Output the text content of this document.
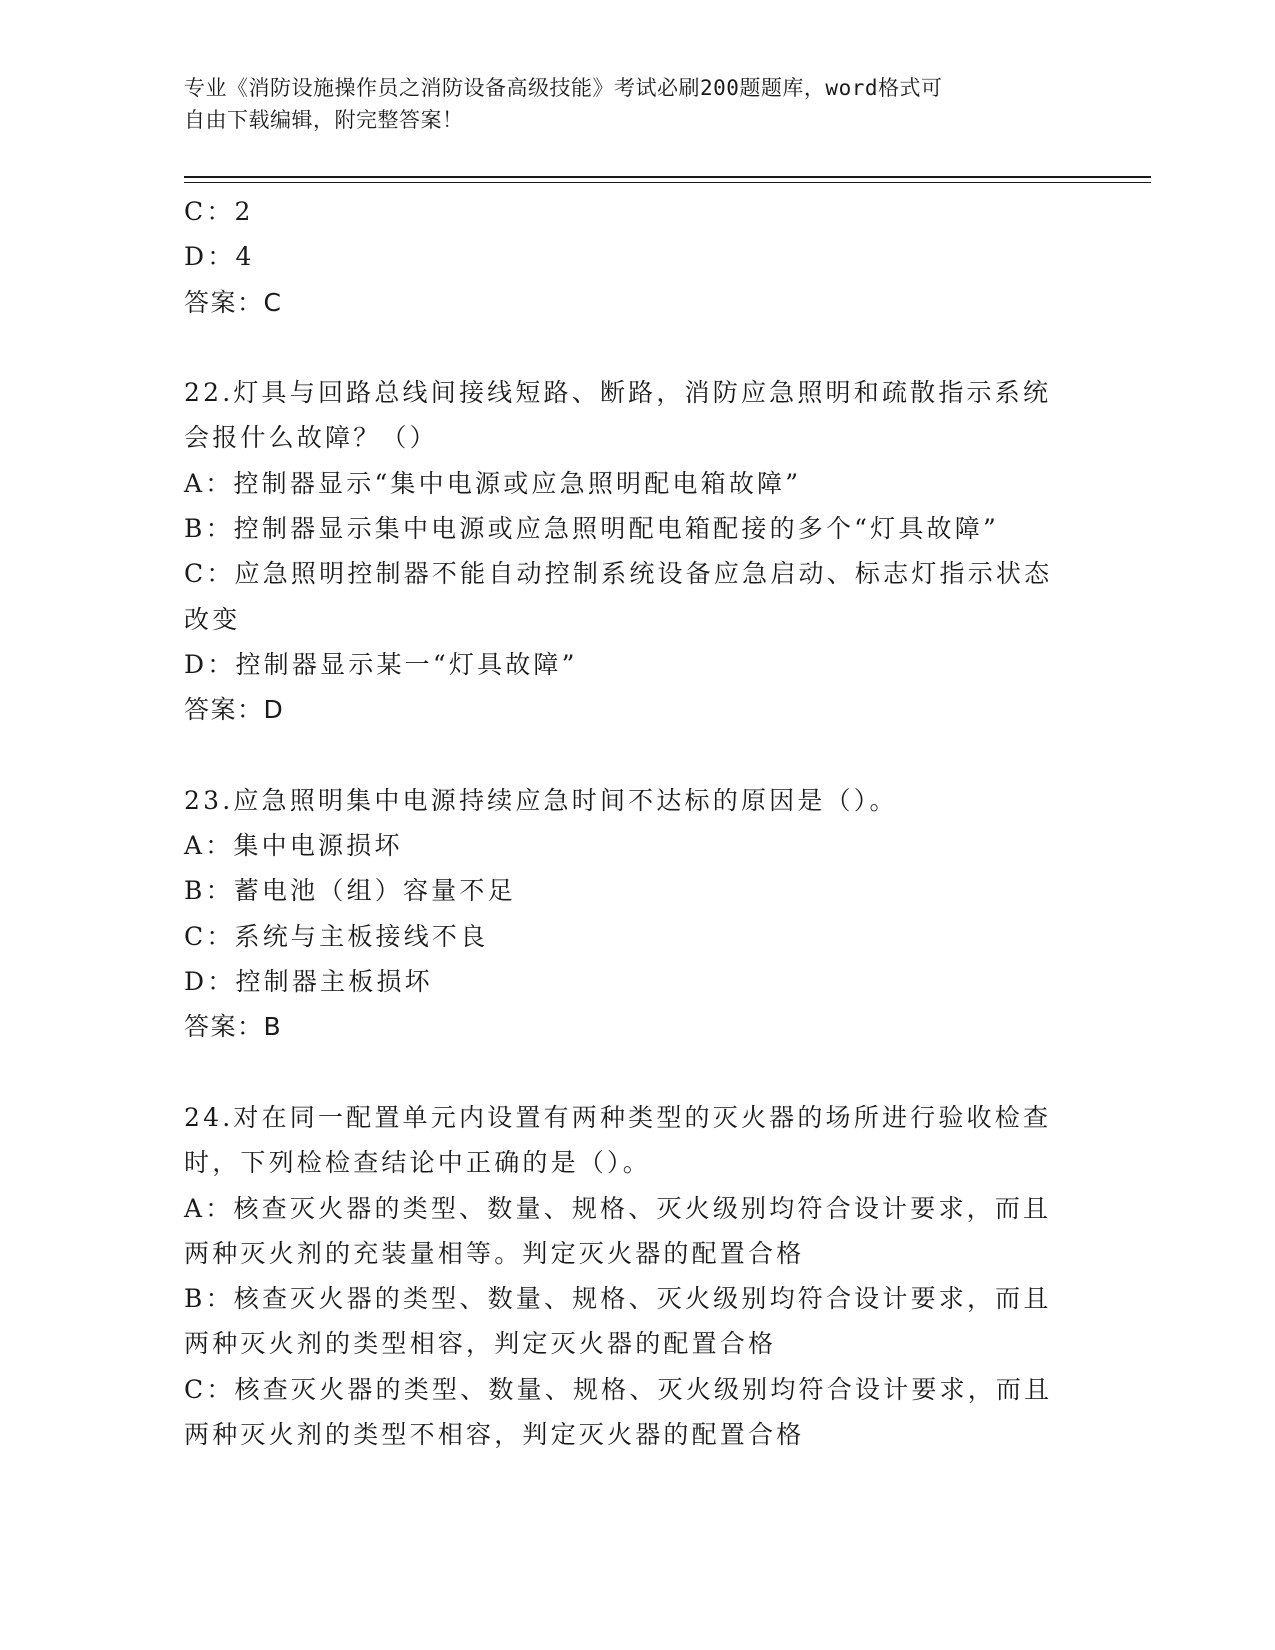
专业《消防设施操作员之消防设备高级技能》考试必刷200题题库，word格式可
自由下载编辑，附完整答案！
C：2
D：4
答案：C
22.灯具与回路总线间接线短路、断路，消防应急照明和疏散指示系统
会报什么故障？（）
A：控制器显示“集中电源或应急照明配电箱故障”
B：控制器显示集中电源或应急照明配电箱配接的多个“灯具故障”
C：应急照明控制器不能自动控制系统设备应急启动、标志灯指示状态
改变
D：控制器显示某一“灯具故障”
答案：D
23.应急照明集中电源持续应急时间不达标的原因是（）。
A：集中电源损坏
B：蓄电池（组）容量不足
C：系统与主板接线不良
D：控制器主板损坏
答案：B
24.对在同一配置单元内设置有两种类型的灭火器的场所进行验收检查
时，下列检检查结论中正确的是（）。
A：核查灭火器的类型、数量、规格、灭火级别均符合设计要求，而且
两种灭火剂的充装量相等。判定灭火器的配置合格
B：核查灭火器的类型、数量、规格、灭火级别均符合设计要求，而且
两种灭火剂的类型相容，判定灭火器的配置合格
C：核查灭火器的类型、数量、规格、灭火级别均符合设计要求，而且
两种灭火剂的类型不相容，判定灭火器的配置合格
